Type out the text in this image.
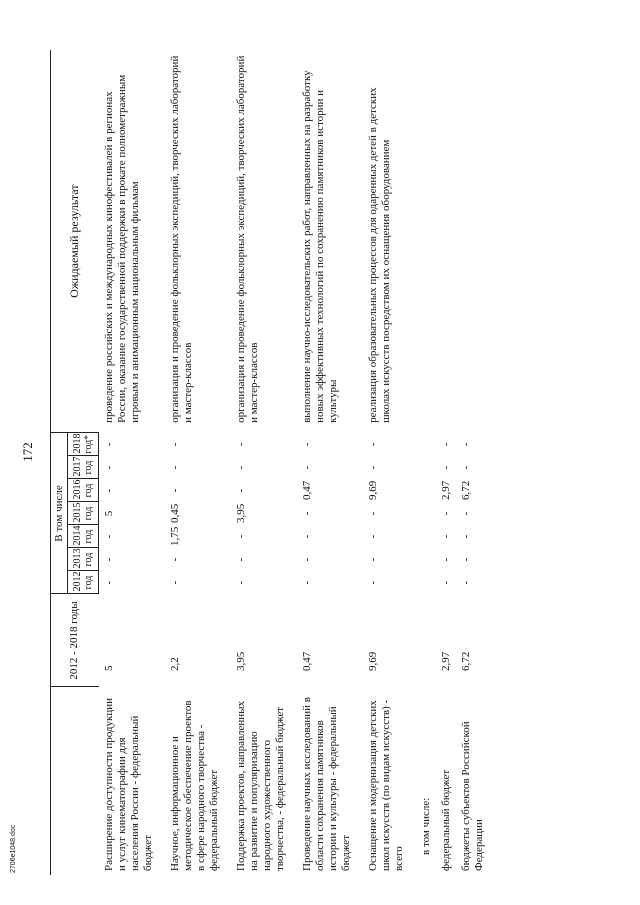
172
	2012 - 2018 годы	В том числе							Ожидаемый результат
		2012 год	2013 год	2014 год	2015 год	2016 год	2017 год	2018 год*	
Расширение доступности продукции и услуг кинематографии для населения России - федеральный бюджет	5	-	-	-	5	-	-	-	проведение российских и международных кинофестивалей в регионах России, оказание государственной поддержки в прокате полнометражным игровым и анимационным национальным фильмам
Научное, информационное и методическое обеспечение проектов в сфере народного творчества - федеральный бюджет	2,2	-	-	1,75	0,45	-	-	-	организация и проведение фольклорных экспедиций, творческих лабораторий и мастер-классов
Поддержка проектов, направленных на развитие и популяризацию народного художественного творчества, - федеральный бюджет	3,95	-	-	-	3,95	-	-	-	организация и проведение фольклорных экспедиций, творческих лабораторий и мастер-классов
Проведение научных исследований в области сохранения памятников истории и культуры - федеральный бюджет	0,47	-	-	-	-	0,47	-	-	выполнение научно-исследовательских работ, направленных на разработку новых эффективных технологий по сохранению памятников истории и культуры
Оснащение и модернизация детских школ искусств (по видам искусств) - всего	9,69	-	-	-	-	9,69	-	-	реализация образовательных процессов для одаренных детей в детских школах искусств посредством их оснащения оборудованием
в том числе:									
федеральный бюджет	2,97	-	-	-	-	2,97	-	-	
бюджеты субъектов Российской Федерации	6,72	-	-	-	-	6,72	-	-	
2706е1048.doc
